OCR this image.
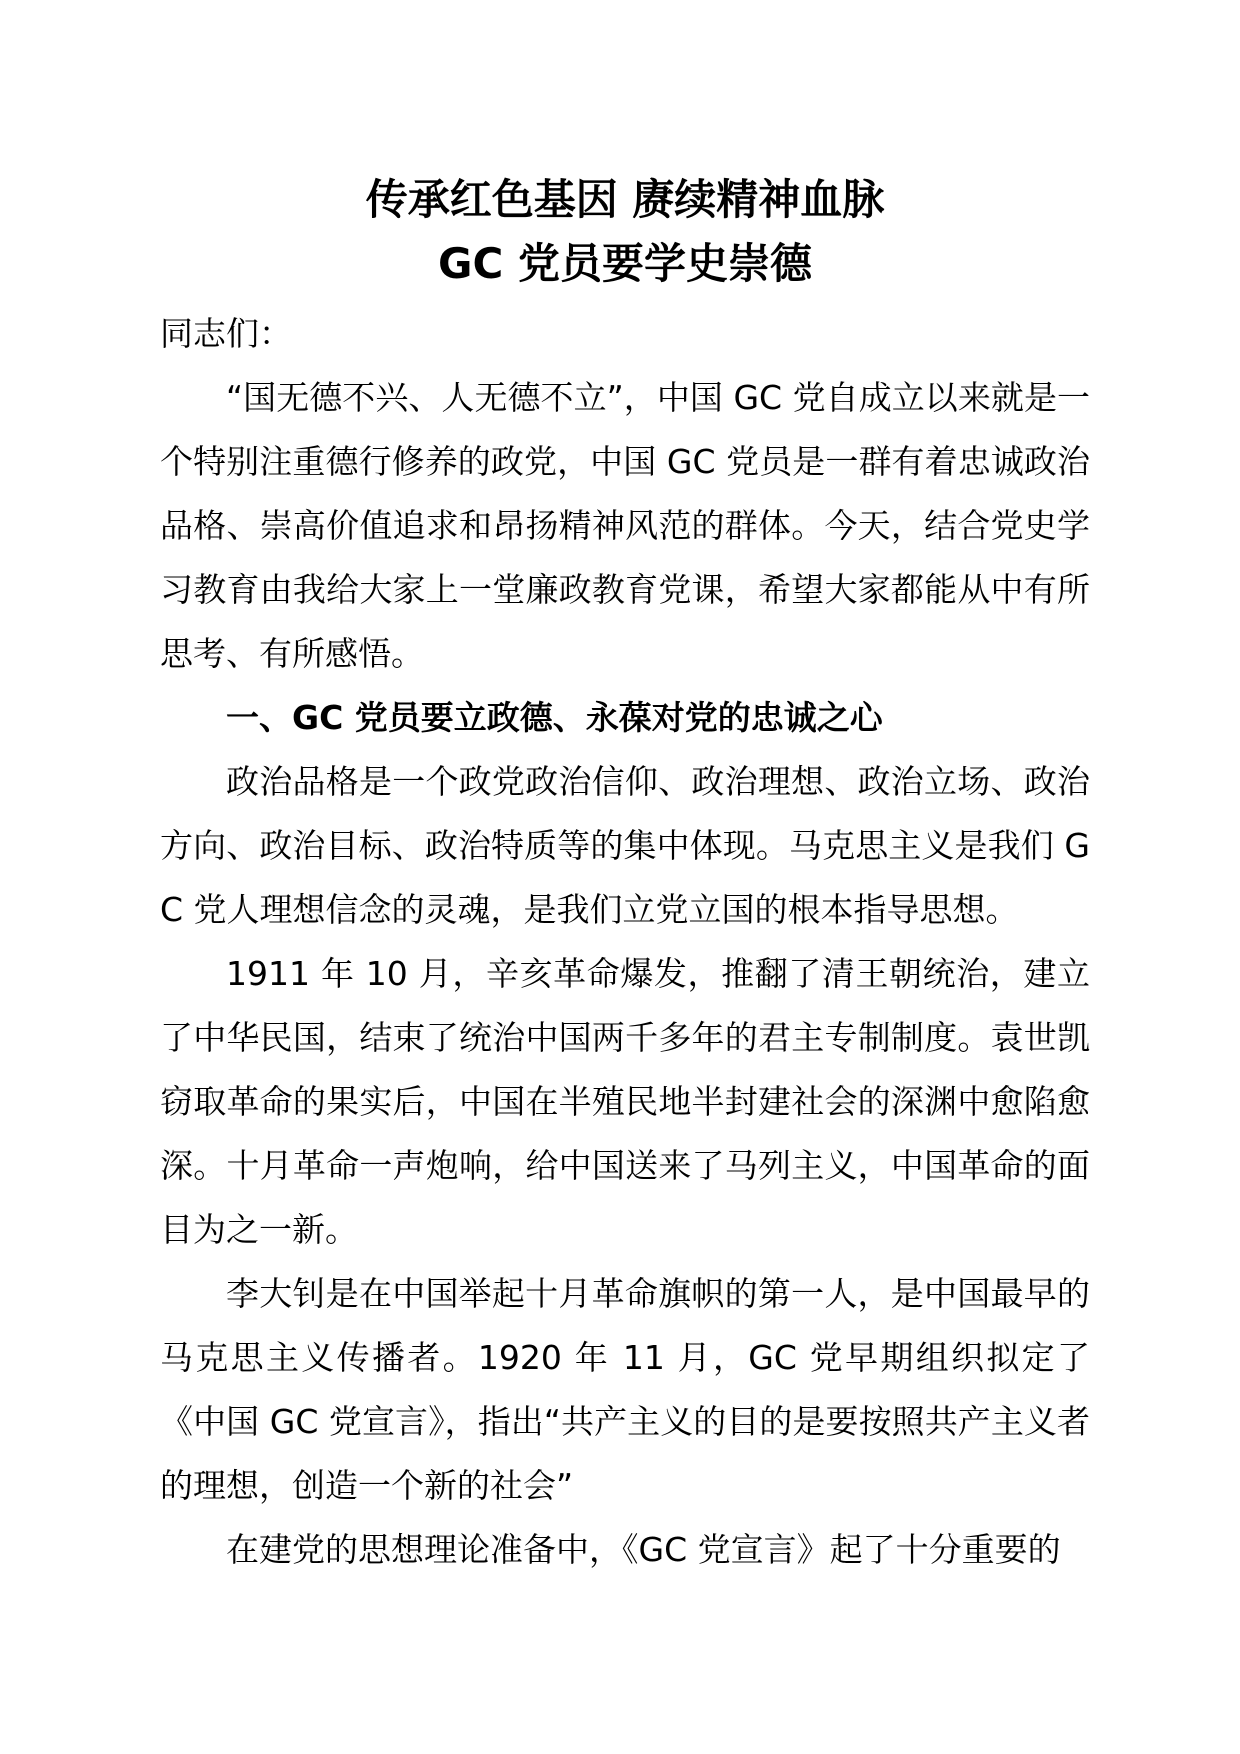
传承红色基因 赓续精神血脉
GC 党员要学史崇德

同志们：

“国无德不兴、人无德不立”，中国 GC 党自成立以来就是一个特别注重德行修养的政党，中国 GC 党员是一群有着忠诚政治品格、崇高价值追求和昂扬精神风范的群体。今天，结合党史学习教育由我给大家上一堂廉政教育党课，希望大家都能从中有所思考、有所感悟。

一、GC 党员要立政德、永葆对党的忠诚之心

政治品格是一个政党政治信仰、政治理想、政治立场、政治方向、政治目标、政治特质等的集中体现。马克思主义是我们 GC 党人理想信念的灵魂，是我们立党立国的根本指导思想。

1911 年 10 月，辛亥革命爆发，推翻了清王朝统治，建立了中华民国，结束了统治中国两千多年的君主专制制度。袁世凯窃取革命的果实后，中国在半殖民地半封建社会的深渊中愈陷愈深。十月革命一声炮响，给中国送来了马列主义，中国革命的面目为之一新。

李大钊是在中国举起十月革命旗帜的第一人，是中国最早的马克思主义传播者。1920 年 11 月，GC 党早期组织拟定了《中国 GC 党宣言》，指出“共产主义的目的是要按照共产主义者的理想，创造一个新的社会”

在建党的思想理论准备中，《GC 党宣言》起了十分重要的
